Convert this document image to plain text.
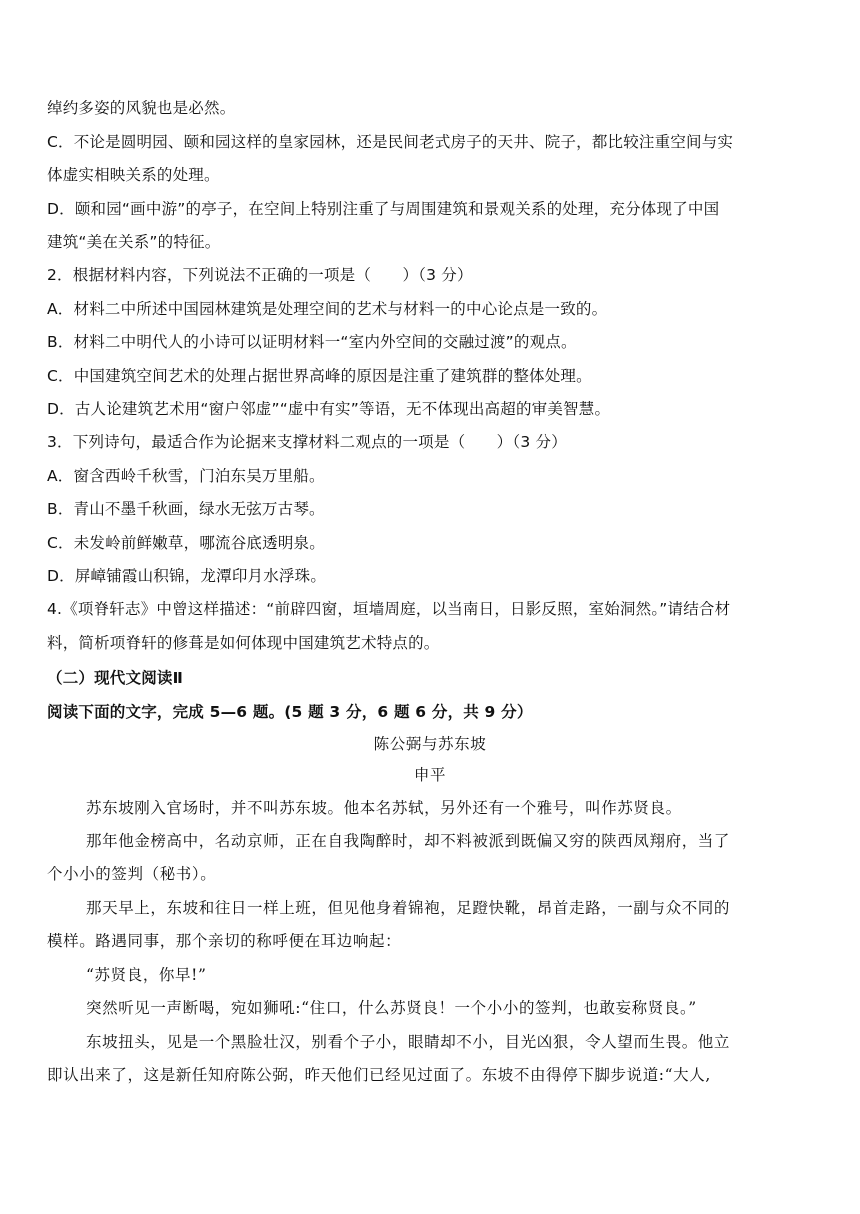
绰约多姿的风貌也是必然。
C．不论是圆明园、颐和园这样的皇家园林，还是民间老式房子的天井、院子，都比较注重空间与实
体虚实相映关系的处理。
D．颐和园“画中游”的亭子，在空间上特别注重了与周围建筑和景观关系的处理，充分体现了中国
建筑“美在关系”的特征。
2．根据材料内容，下列说法不正确的一项是（　　）（3 分）
A．材料二中所述中国园林建筑是处理空间的艺术与材料一的中心论点是一致的。
B．材料二中明代人的小诗可以证明材料一“室内外空间的交融过渡”的观点。
C．中国建筑空间艺术的处理占据世界高峰的原因是注重了建筑群的整体处理。
D．古人论建筑艺术用“窗户邻虚”“虚中有实”等语，无不体现出高超的审美智慧。
3．下列诗句，最适合作为论据来支撑材料二观点的一项是（　　）（3 分）
A．窗含西岭千秋雪，门泊东吴万里船。
B．青山不墨千秋画，绿水无弦万古琴。
C．未发岭前鲜嫩草，哪流谷底透明泉。
D．屏嶂铺霞山积锦，龙潭印月水浮珠。
4.《项脊轩志》中曾这样描述：“前辟四窗，垣墙周庭，以当南日，日影反照，室始洞然。”请结合材
料，简析项脊轩的修葺是如何体现中国建筑艺术特点的。
（二）现代文阅读Ⅱ
阅读下面的文字，完成 5—6 题。(5 题 3 分，6 题 6 分，共 9 分）
陈公弼与苏东坡
申平
苏东坡刚入官场时，并不叫苏东坡。他本名苏轼，另外还有一个雅号，叫作苏贤良。
那年他金榜高中，名动京师，正在自我陶醉时，却不料被派到既偏又穷的陕西凤翔府，当了
个小小的签判（秘书）。
那天早上，东坡和往日一样上班，但见他身着锦袍，足蹬快靴，昂首走路，一副与众不同的
模样。路遇同事，那个亲切的称呼便在耳边响起：
“苏贤良，你早!”
突然听见一声断喝，宛如狮吼:“住口，什么苏贤良！一个小小的签判，也敢妄称贤良。”
东坡扭头，见是一个黑脸壮汉，别看个子小，眼睛却不小，目光凶狠，令人望而生畏。他立
即认出来了，这是新任知府陈公弼，昨天他们已经见过面了。东坡不由得停下脚步说道:“大人,
